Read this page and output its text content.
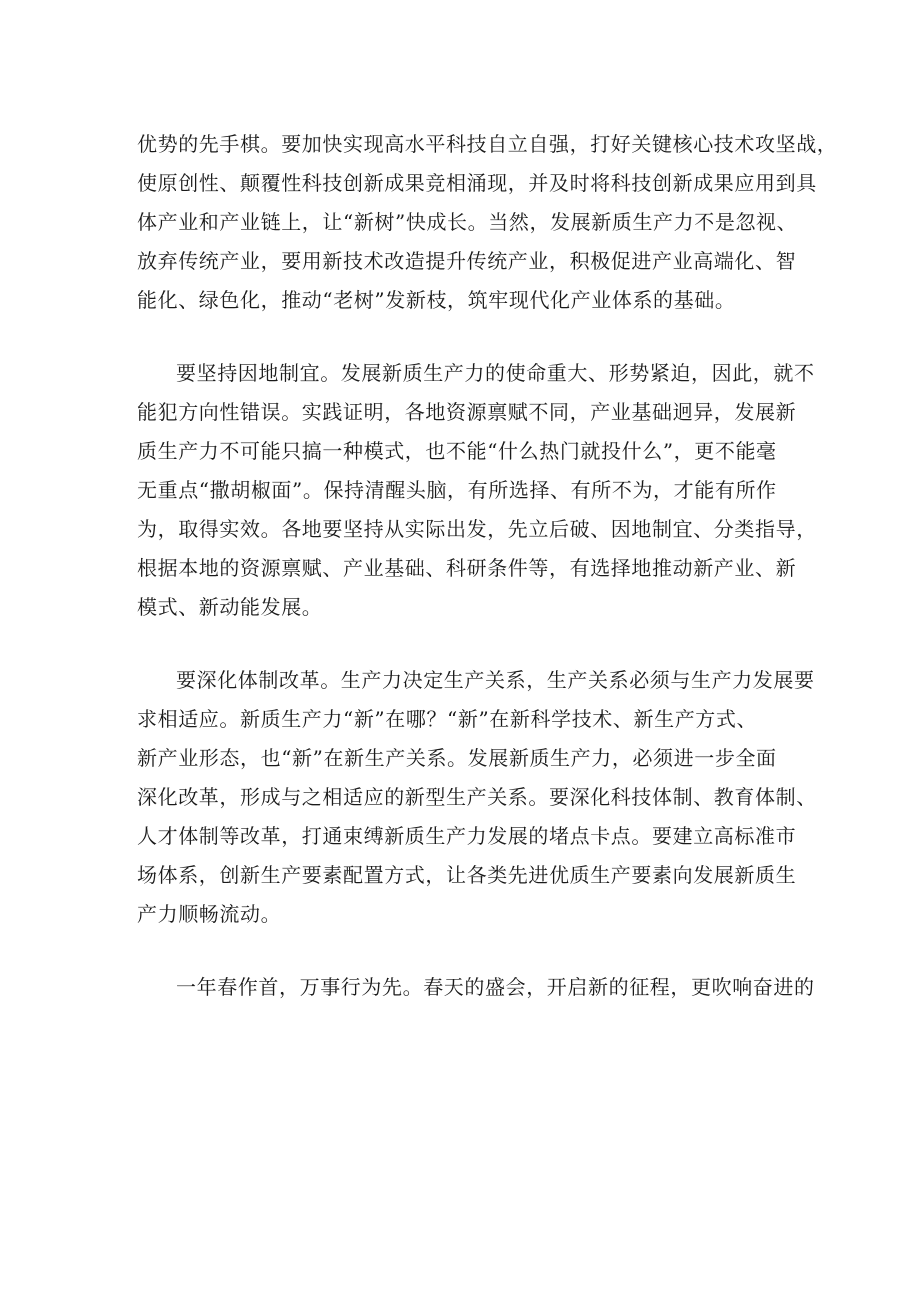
优势的先手棋。要加快实现高水平科技自立自强，打好关键核心技术攻坚战，
使原创性、颠覆性科技创新成果竞相涌现，并及时将科技创新成果应用到具
体产业和产业链上，让“新树”快成长。当然，发展新质生产力不是忽视、
放弃传统产业，要用新技术改造提升传统产业，积极促进产业高端化、智
能化、绿色化，推动“老树”发新枝，筑牢现代化产业体系的基础。
要坚持因地制宜。发展新质生产力的使命重大、形势紧迫，因此，就不
能犯方向性错误。实践证明，各地资源禀赋不同，产业基础迥异，发展新
质生产力不可能只搞一种模式，也不能“什么热门就投什么”，更不能毫
无重点“撒胡椒面”。保持清醒头脑，有所选择、有所不为，才能有所作
为，取得实效。各地要坚持从实际出发，先立后破、因地制宜、分类指导，
根据本地的资源禀赋、产业基础、科研条件等，有选择地推动新产业、新
模式、新动能发展。
要深化体制改革。生产力决定生产关系，生产关系必须与生产力发展要
求相适应。新质生产力“新”在哪？“新”在新科学技术、新生产方式、
新产业形态，也“新”在新生产关系。发展新质生产力，必须进一步全面
深化改革，形成与之相适应的新型生产关系。要深化科技体制、教育体制、
人才体制等改革，打通束缚新质生产力发展的堵点卡点。要建立高标准市
场体系，创新生产要素配置方式，让各类先进优质生产要素向发展新质生
产力顺畅流动。
一年春作首，万事行为先。春天的盛会，开启新的征程，更吹响奋进的
